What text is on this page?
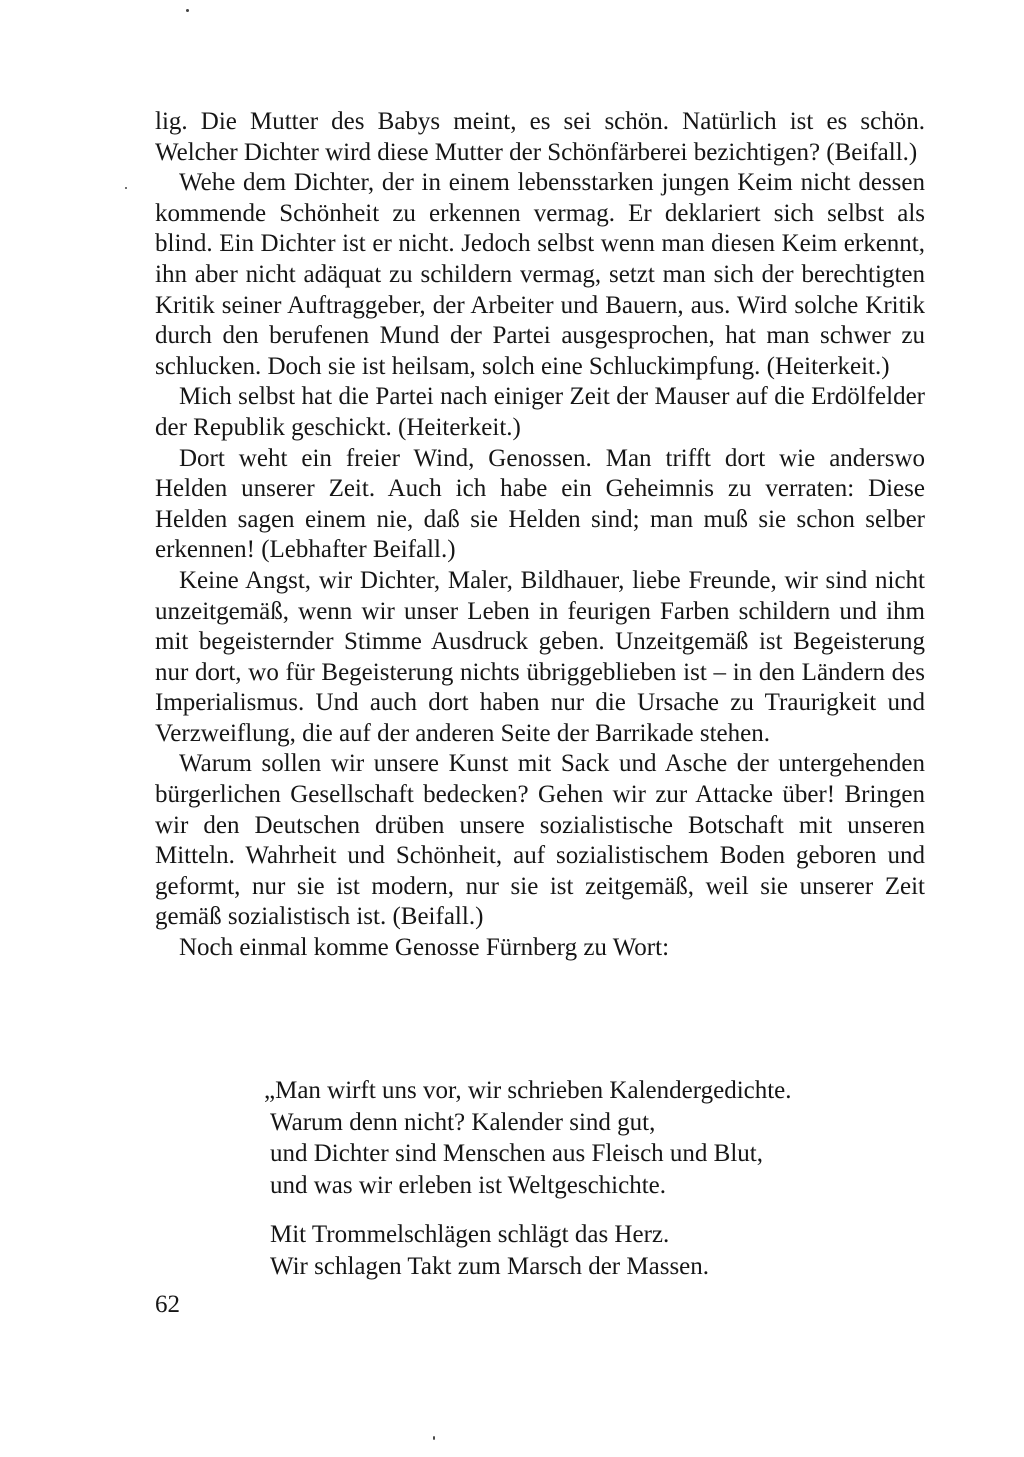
lig. Die Mutter des Babys meint, es sei schön. Natürlich ist es schön. Welcher Dichter wird diese Mutter der Schönfärberei bezichtigen? (Beifall.)

Wehe dem Dichter, der in einem lebensstarken jungen Keim nicht dessen kommende Schönheit zu erkennen vermag. Er deklariert sich selbst als blind. Ein Dichter ist er nicht. Jedoch selbst wenn man diesen Keim erkennt, ihn aber nicht adäquat zu schildern vermag, setzt man sich der berechtigten Kritik seiner Auftraggeber, der Arbeiter und Bauern, aus. Wird solche Kritik durch den berufenen Mund der Partei ausgesprochen, hat man schwer zu schlucken. Doch sie ist heilsam, solch eine Schluckimpfung. (Heiterkeit.)

Mich selbst hat die Partei nach einiger Zeit der Mauser auf die Erdölfelder der Republik geschickt. (Heiterkeit.)

Dort weht ein freier Wind, Genossen. Man trifft dort wie anderswo Helden unserer Zeit. Auch ich habe ein Geheimnis zu verraten: Diese Helden sagen einem nie, daß sie Helden sind; man muß sie schon selber erkennen! (Lebhafter Beifall.)

Keine Angst, wir Dichter, Maler, Bildhauer, liebe Freunde, wir sind nicht unzeitgemäß, wenn wir unser Leben in feurigen Farben schildern und ihm mit begeisternder Stimme Ausdruck geben. Unzeitgemäß ist Begeisterung nur dort, wo für Begeisterung nichts übriggeblieben ist – in den Ländern des Imperialismus. Und auch dort haben nur die Ursache zu Traurigkeit und Verzweiflung, die auf der anderen Seite der Barrikade stehen.

Warum sollen wir unsere Kunst mit Sack und Asche der untergehenden bürgerlichen Gesellschaft bedecken? Gehen wir zur Attacke über! Bringen wir den Deutschen drüben unsere sozialistische Botschaft mit unseren Mitteln. Wahrheit und Schönheit, auf sozialistischem Boden geboren und geformt, nur sie ist modern, nur sie ist zeitgemäß, weil sie unserer Zeit gemäß sozialistisch ist. (Beifall.)

Noch einmal komme Genosse Fürnberg zu Wort:

„Man wirft uns vor, wir schrieben Kalendergedichte.
Warum denn nicht? Kalender sind gut,
und Dichter sind Menschen aus Fleisch und Blut,
und was wir erleben ist Weltgeschichte.
Mit Trommelschlägen schlägt das Herz.
Wir schlagen Takt zum Marsch der Massen.
62
